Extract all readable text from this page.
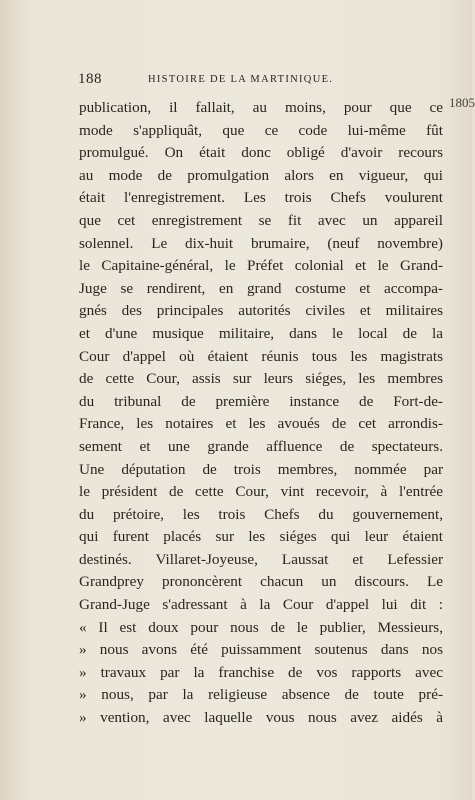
188	HISTOIRE DE LA MARTINIQUE.
1805
publication, il fallait, au moins, pour que ce
mode s'appliquât, que ce code lui-même fût
promulgué. On était donc obligé d'avoir recours
au mode de promulgation alors en vigueur, qui
était l'enregistrement. Les trois Chefs voulurent
que cet enregistrement se fit avec un appareil
solennel. Le dix-huit brumaire, (neuf novembre)
le Capitaine-général, le Préfet colonial et le Grand-
Juge se rendirent, en grand costume et accompa-
gnés des principales autorités civiles et militaires
et d'une musique militaire, dans le local de la
Cour d'appel où étaient réunis tous les magistrats
de cette Cour, assis sur leurs siéges, les membres
du tribunal de première instance de Fort-de-
France, les notaires et les avoués de cet arrondis-
sement et une grande affluence de spectateurs.
Une députation de trois membres, nommée par
le président de cette Cour, vint recevoir, à l'entrée
du prétoire, les trois Chefs du gouvernement,
qui furent placés sur les siéges qui leur étaient
destinés. Villaret-Joyeuse, Laussat et Lefessier
Grandprey prononcèrent chacun un discours. Le
Grand-Juge s'adressant à la Cour d'appel lui dit :
« Il est doux pour nous de le publier, Messieurs,
» nous avons été puissamment soutenus dans nos
» travaux par la franchise de vos rapports avec
» nous, par la religieuse absence de toute pré-
» vention, avec laquelle vous nous avez aidés à
